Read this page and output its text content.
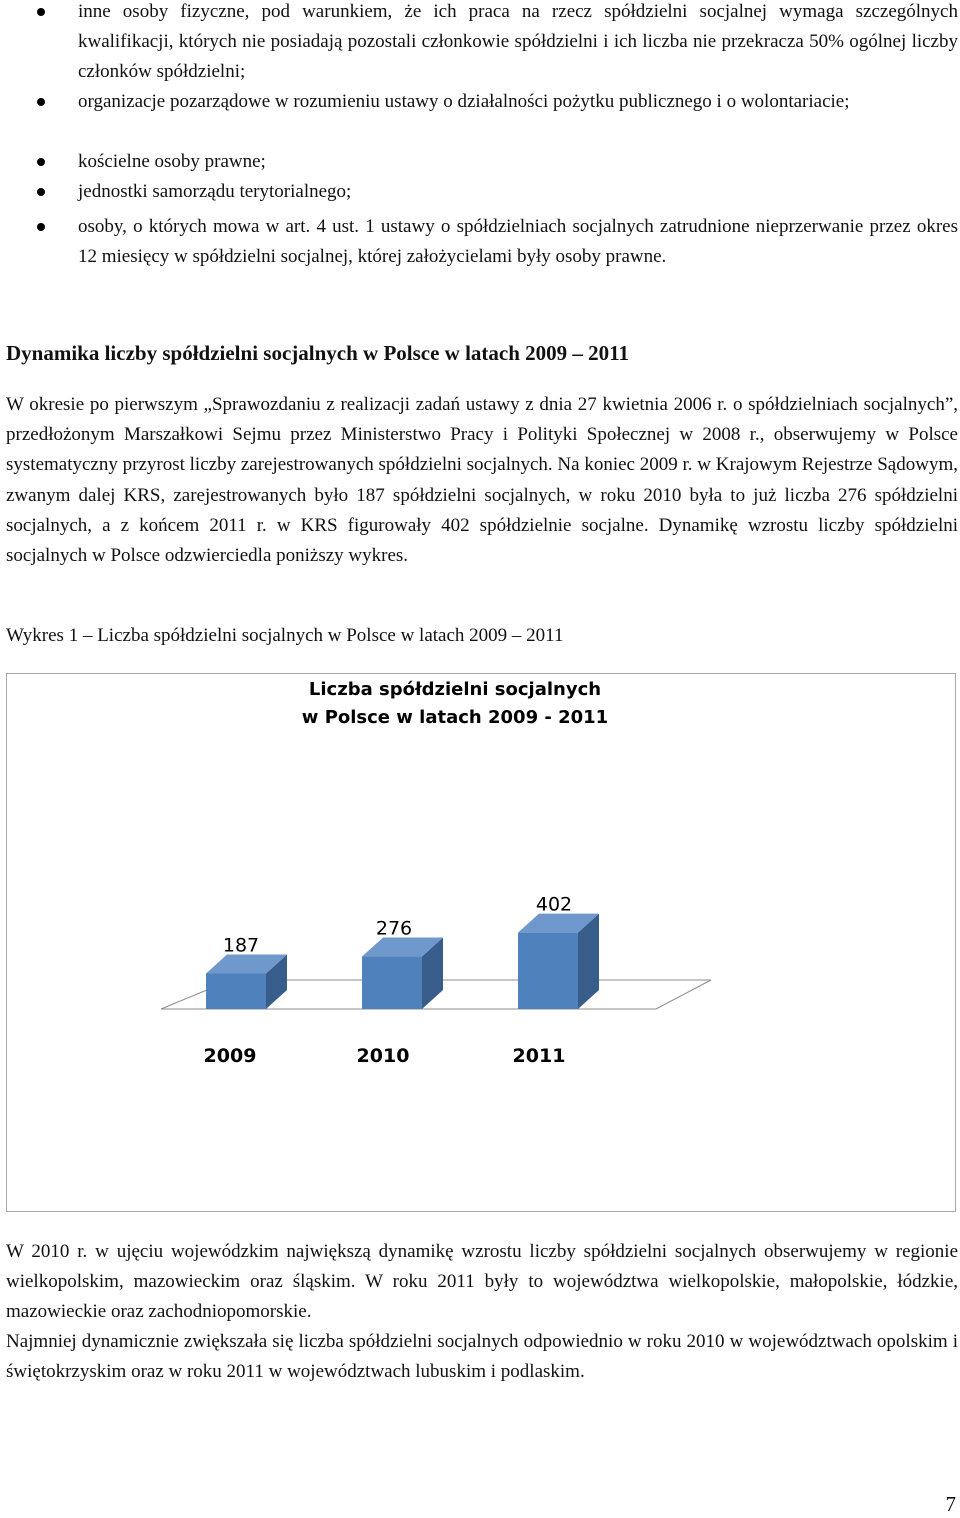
inne osoby fizyczne, pod warunkiem, że ich praca na rzecz spółdzielni socjalnej wymaga szczególnych kwalifikacji, których nie posiadają pozostali członkowie spółdzielni i ich liczba nie przekracza 50% ogólnej liczby członków spółdzielni;

organizacje pozarządowe w rozumieniu ustawy o działalności pożytku publicznego i o wolontariacie;

kościelne osoby prawne;

jednostki samorządu terytorialnego;

osoby, o których mowa w art. 4 ust. 1 ustawy o spółdzielniach socjalnych zatrudnione nieprzerwanie przez okres 12 miesięcy w spółdzielni socjalnej, której założycielami były osoby prawne.

Dynamika liczby spółdzielni socjalnych w Polsce w latach 2009 – 2011

W okresie po pierwszym „Sprawozdaniu z realizacji zadań ustawy z dnia 27 kwietnia 2006 r. o spółdzielniach socjalnych”, przedłożonym Marszałkowi Sejmu przez Ministerstwo Pracy i Polityki Społecznej w 2008 r., obserwujemy w Polsce systematyczny przyrost liczby zarejestrowanych spółdzielni socjalnych. Na koniec 2009 r. w Krajowym Rejestrze Sądowym, zwanym dalej KRS, zarejestrowanych było 187 spółdzielni socjalnych, w roku 2010 była to już liczba 276 spółdzielni socjalnych, a z końcem 2011 r. w KRS figurowały 402 spółdzielnie socjalne. Dynamikę wzrostu liczby spółdzielni socjalnych w Polsce odzwierciedla poniższy wykres.

Wykres 1 – Liczba spółdzielni socjalnych w Polsce w latach 2009 – 2011

187
2009
276
2010
402
2011
Liczba spółdzielni socjalnych
w Polsce w latach 2009 - 2011

W 2010 r. w ujęciu wojewódzkim największą dynamikę wzrostu liczby spółdzielni socjalnych obserwujemy w regionie wielkopolskim, mazowieckim oraz śląskim. W roku 2011 były to województwa wielkopolskie, małopolskie, łódzkie, mazowieckie oraz zachodniopomorskie.

Najmniej dynamicznie zwiększała się liczba spółdzielni socjalnych odpowiednio w roku 2010 w województwach opolskim i świętokrzyskim oraz w roku 2011 w województwach lubuskim i podlaskim.

7
